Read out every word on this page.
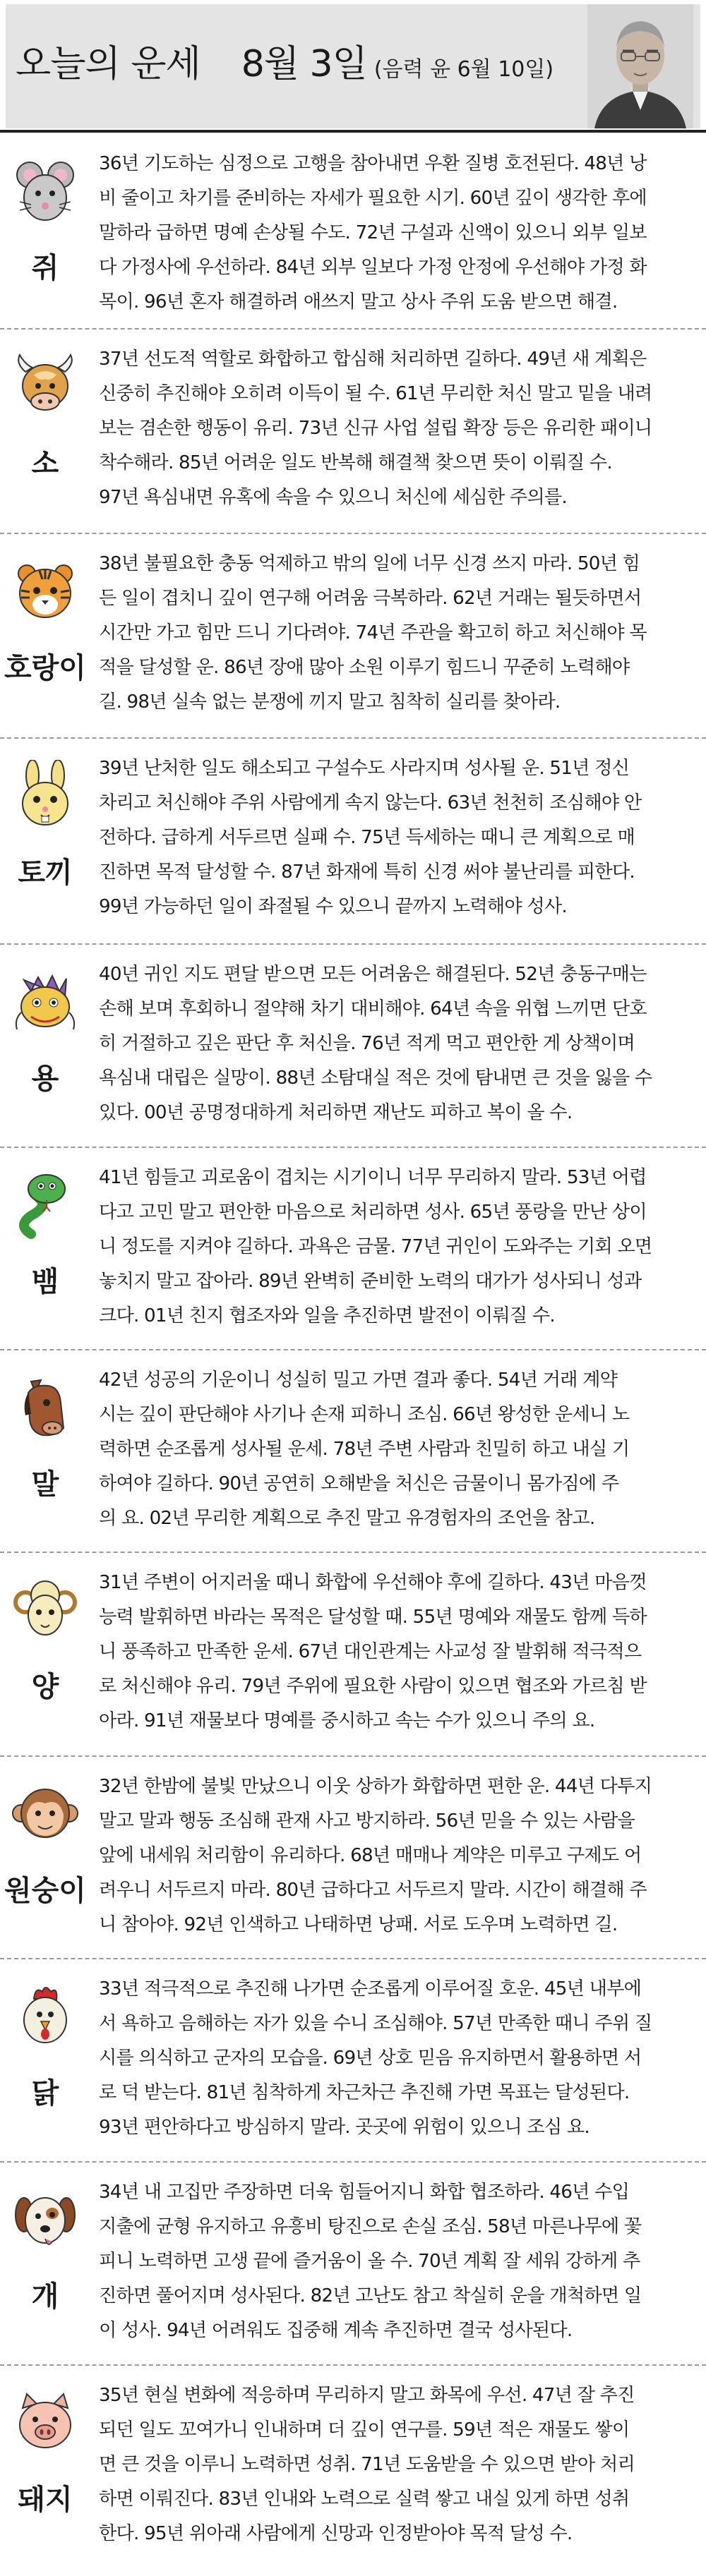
오늘의 운세 8월 3일 (음력 윤 6월 10일)
쥐
36년 기도하는 심정으로 고행을 참아내면 우환 질병 호전된다. 48년 낭
비 줄이고 차기를 준비하는 자세가 필요한 시기. 60년 깊이 생각한 후에
말하라 급하면 명예 손상될 수도. 72년 구설과 신액이 있으니 외부 일보
다 가정사에 우선하라. 84년 외부 일보다 가정 안정에 우선해야 가정 화
목이. 96년 혼자 해결하려 애쓰지 말고 상사 주위 도움 받으면 해결.
소
37년 선도적 역할로 화합하고 합심해 처리하면 길하다. 49년 새 계획은
신중히 추진해야 오히려 이득이 될 수. 61년 무리한 처신 말고 밑을 내려
보는 겸손한 행동이 유리. 73년 신규 사업 설립 확장 등은 유리한 패이니
착수해라. 85년 어려운 일도 반복해 해결책 찾으면 뜻이 이뤄질 수.
97년 욕심내면 유혹에 속을 수 있으니 처신에 세심한 주의를.
호랑이
38년 불필요한 충동 억제하고 밖의 일에 너무 신경 쓰지 마라. 50년 힘
든 일이 겹치니 깊이 연구해 어려움 극복하라. 62년 거래는 될듯하면서
시간만 가고 힘만 드니 기다려야. 74년 주관을 확고히 하고 처신해야 목
적을 달성할 운. 86년 장애 많아 소원 이루기 힘드니 꾸준히 노력해야
길. 98년 실속 없는 분쟁에 끼지 말고 침착히 실리를 찾아라.
토끼
39년 난처한 일도 해소되고 구설수도 사라지며 성사될 운. 51년 정신
차리고 처신해야 주위 사람에게 속지 않는다. 63년 천천히 조심해야 안
전하다. 급하게 서두르면 실패 수. 75년 득세하는 때니 큰 계획으로 매
진하면 목적 달성할 수. 87년 화재에 특히 신경 써야 불난리를 피한다.
99년 가능하던 일이 좌절될 수 있으니 끝까지 노력해야 성사.
용
40년 귀인 지도 편달 받으면 모든 어려움은 해결된다. 52년 충동구매는
손해 보며 후회하니 절약해 차기 대비해야. 64년 속을 위협 느끼면 단호
히 거절하고 깊은 판단 후 처신을. 76년 적게 먹고 편안한 게 상책이며
욕심내 대립은 실망이. 88년 소탐대실 적은 것에 탐내면 큰 것을 잃을 수
있다. 00년 공명정대하게 처리하면 재난도 피하고 복이 올 수.
뱀
41년 힘들고 괴로움이 겹치는 시기이니 너무 무리하지 말라. 53년 어렵
다고 고민 말고 편안한 마음으로 처리하면 성사. 65년 풍랑을 만난 상이
니 정도를 지켜야 길하다. 과욕은 금물. 77년 귀인이 도와주는 기회 오면
놓치지 말고 잡아라. 89년 완벽히 준비한 노력의 대가가 성사되니 성과
크다. 01년 친지 협조자와 일을 추진하면 발전이 이뤄질 수.
말
42년 성공의 기운이니 성실히 밀고 가면 결과 좋다. 54년 거래 계약
시는 깊이 판단해야 사기나 손재 피하니 조심. 66년 왕성한 운세니 노
력하면 순조롭게 성사될 운세. 78년 주변 사람과 친밀히 하고 내실 기
하여야 길하다. 90년 공연히 오해받을 처신은 금물이니 몸가짐에 주
의 요. 02년 무리한 계획으로 추진 말고 유경험자의 조언을 참고.
양
31년 주변이 어지러울 때니 화합에 우선해야 후에 길하다. 43년 마음껏
능력 발휘하면 바라는 목적은 달성할 때. 55년 명예와 재물도 함께 득하
니 풍족하고 만족한 운세. 67년 대인관계는 사교성 잘 발휘해 적극적으
로 처신해야 유리. 79년 주위에 필요한 사람이 있으면 협조와 가르침 받
아라. 91년 재물보다 명예를 중시하고 속는 수가 있으니 주의 요.
원숭이
32년 한밤에 불빛 만났으니 이웃 상하가 화합하면 편한 운. 44년 다투지
말고 말과 행동 조심해 관재 사고 방지하라. 56년 믿을 수 있는 사람을
앞에 내세워 처리함이 유리하다. 68년 매매나 계약은 미루고 구제도 어
려우니 서두르지 마라. 80년 급하다고 서두르지 말라. 시간이 해결해 주
니 참아야. 92년 인색하고 나태하면 낭패. 서로 도우며 노력하면 길.
닭
33년 적극적으로 추진해 나가면 순조롭게 이루어질 호운. 45년 내부에
서 욕하고 음해하는 자가 있을 수니 조심해야. 57년 만족한 때니 주위 질
시를 의식하고 군자의 모습을. 69년 상호 믿음 유지하면서 활용하면 서
로 덕 받는다. 81년 침착하게 차근차근 추진해 가면 목표는 달성된다.
93년 편안하다고 방심하지 말라. 곳곳에 위험이 있으니 조심 요.
개
34년 내 고집만 주장하면 더욱 힘들어지니 화합 협조하라. 46년 수입
지출에 균형 유지하고 유흥비 탕진으로 손실 조심. 58년 마른나무에 꽃
피니 노력하면 고생 끝에 즐거움이 올 수. 70년 계획 잘 세워 강하게 추
진하면 풀어지며 성사된다. 82년 고난도 참고 착실히 운을 개척하면 일
이 성사. 94년 어려워도 집중해 계속 추진하면 결국 성사된다.
돼지
35년 현실 변화에 적응하며 무리하지 말고 화목에 우선. 47년 잘 추진
되던 일도 꼬여가니 인내하며 더 깊이 연구를. 59년 적은 재물도 쌓이
면 큰 것을 이루니 노력하면 성취. 71년 도움받을 수 있으면 받아 처리
하면 이뤄진다. 83년 인내와 노력으로 실력 쌓고 내실 있게 하면 성취
한다. 95년 위아래 사람에게 신망과 인정받아야 목적 달성 수.
